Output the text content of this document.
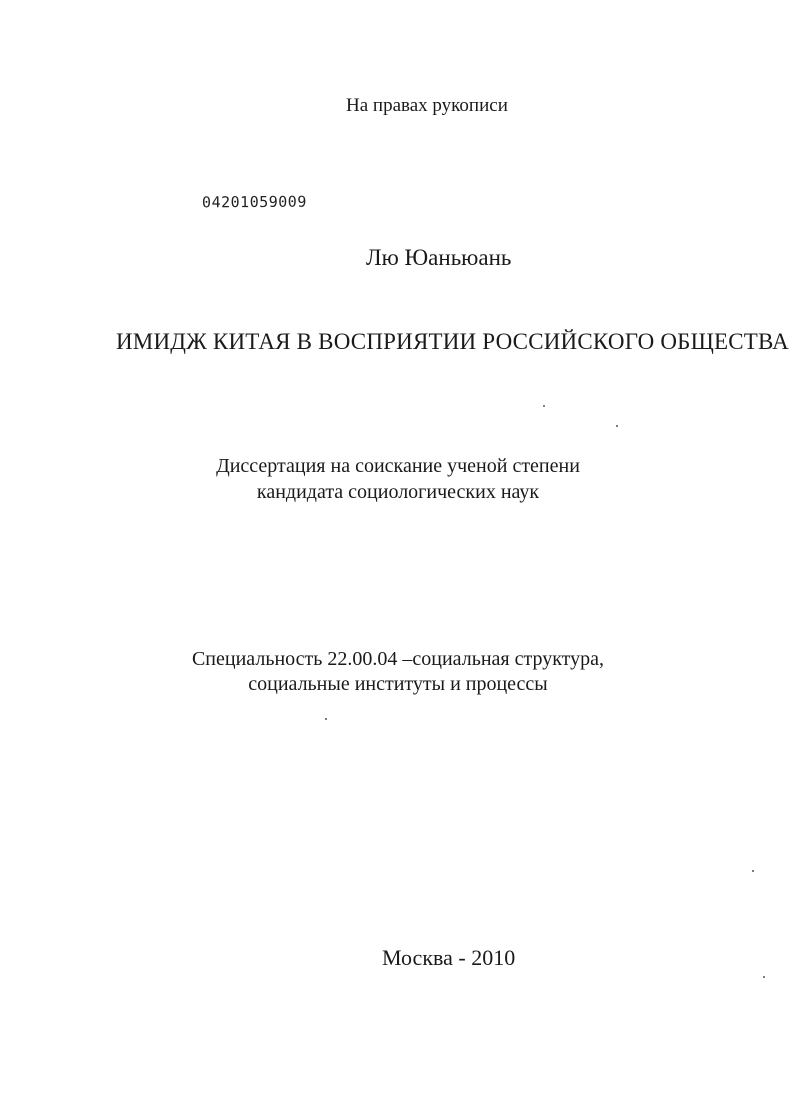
На правах рукописи

04201059009

Лю Юаньюань

ИМИДЖ КИТАЯ В ВОСПРИЯТИИ РОССИЙСКОГО ОБЩЕСТВА

Диссертация на соискание ученой степени

кандидата социологических наук

Специальность 22.00.04 –социальная структура,

социальные институты и процессы

Москва - 2010
